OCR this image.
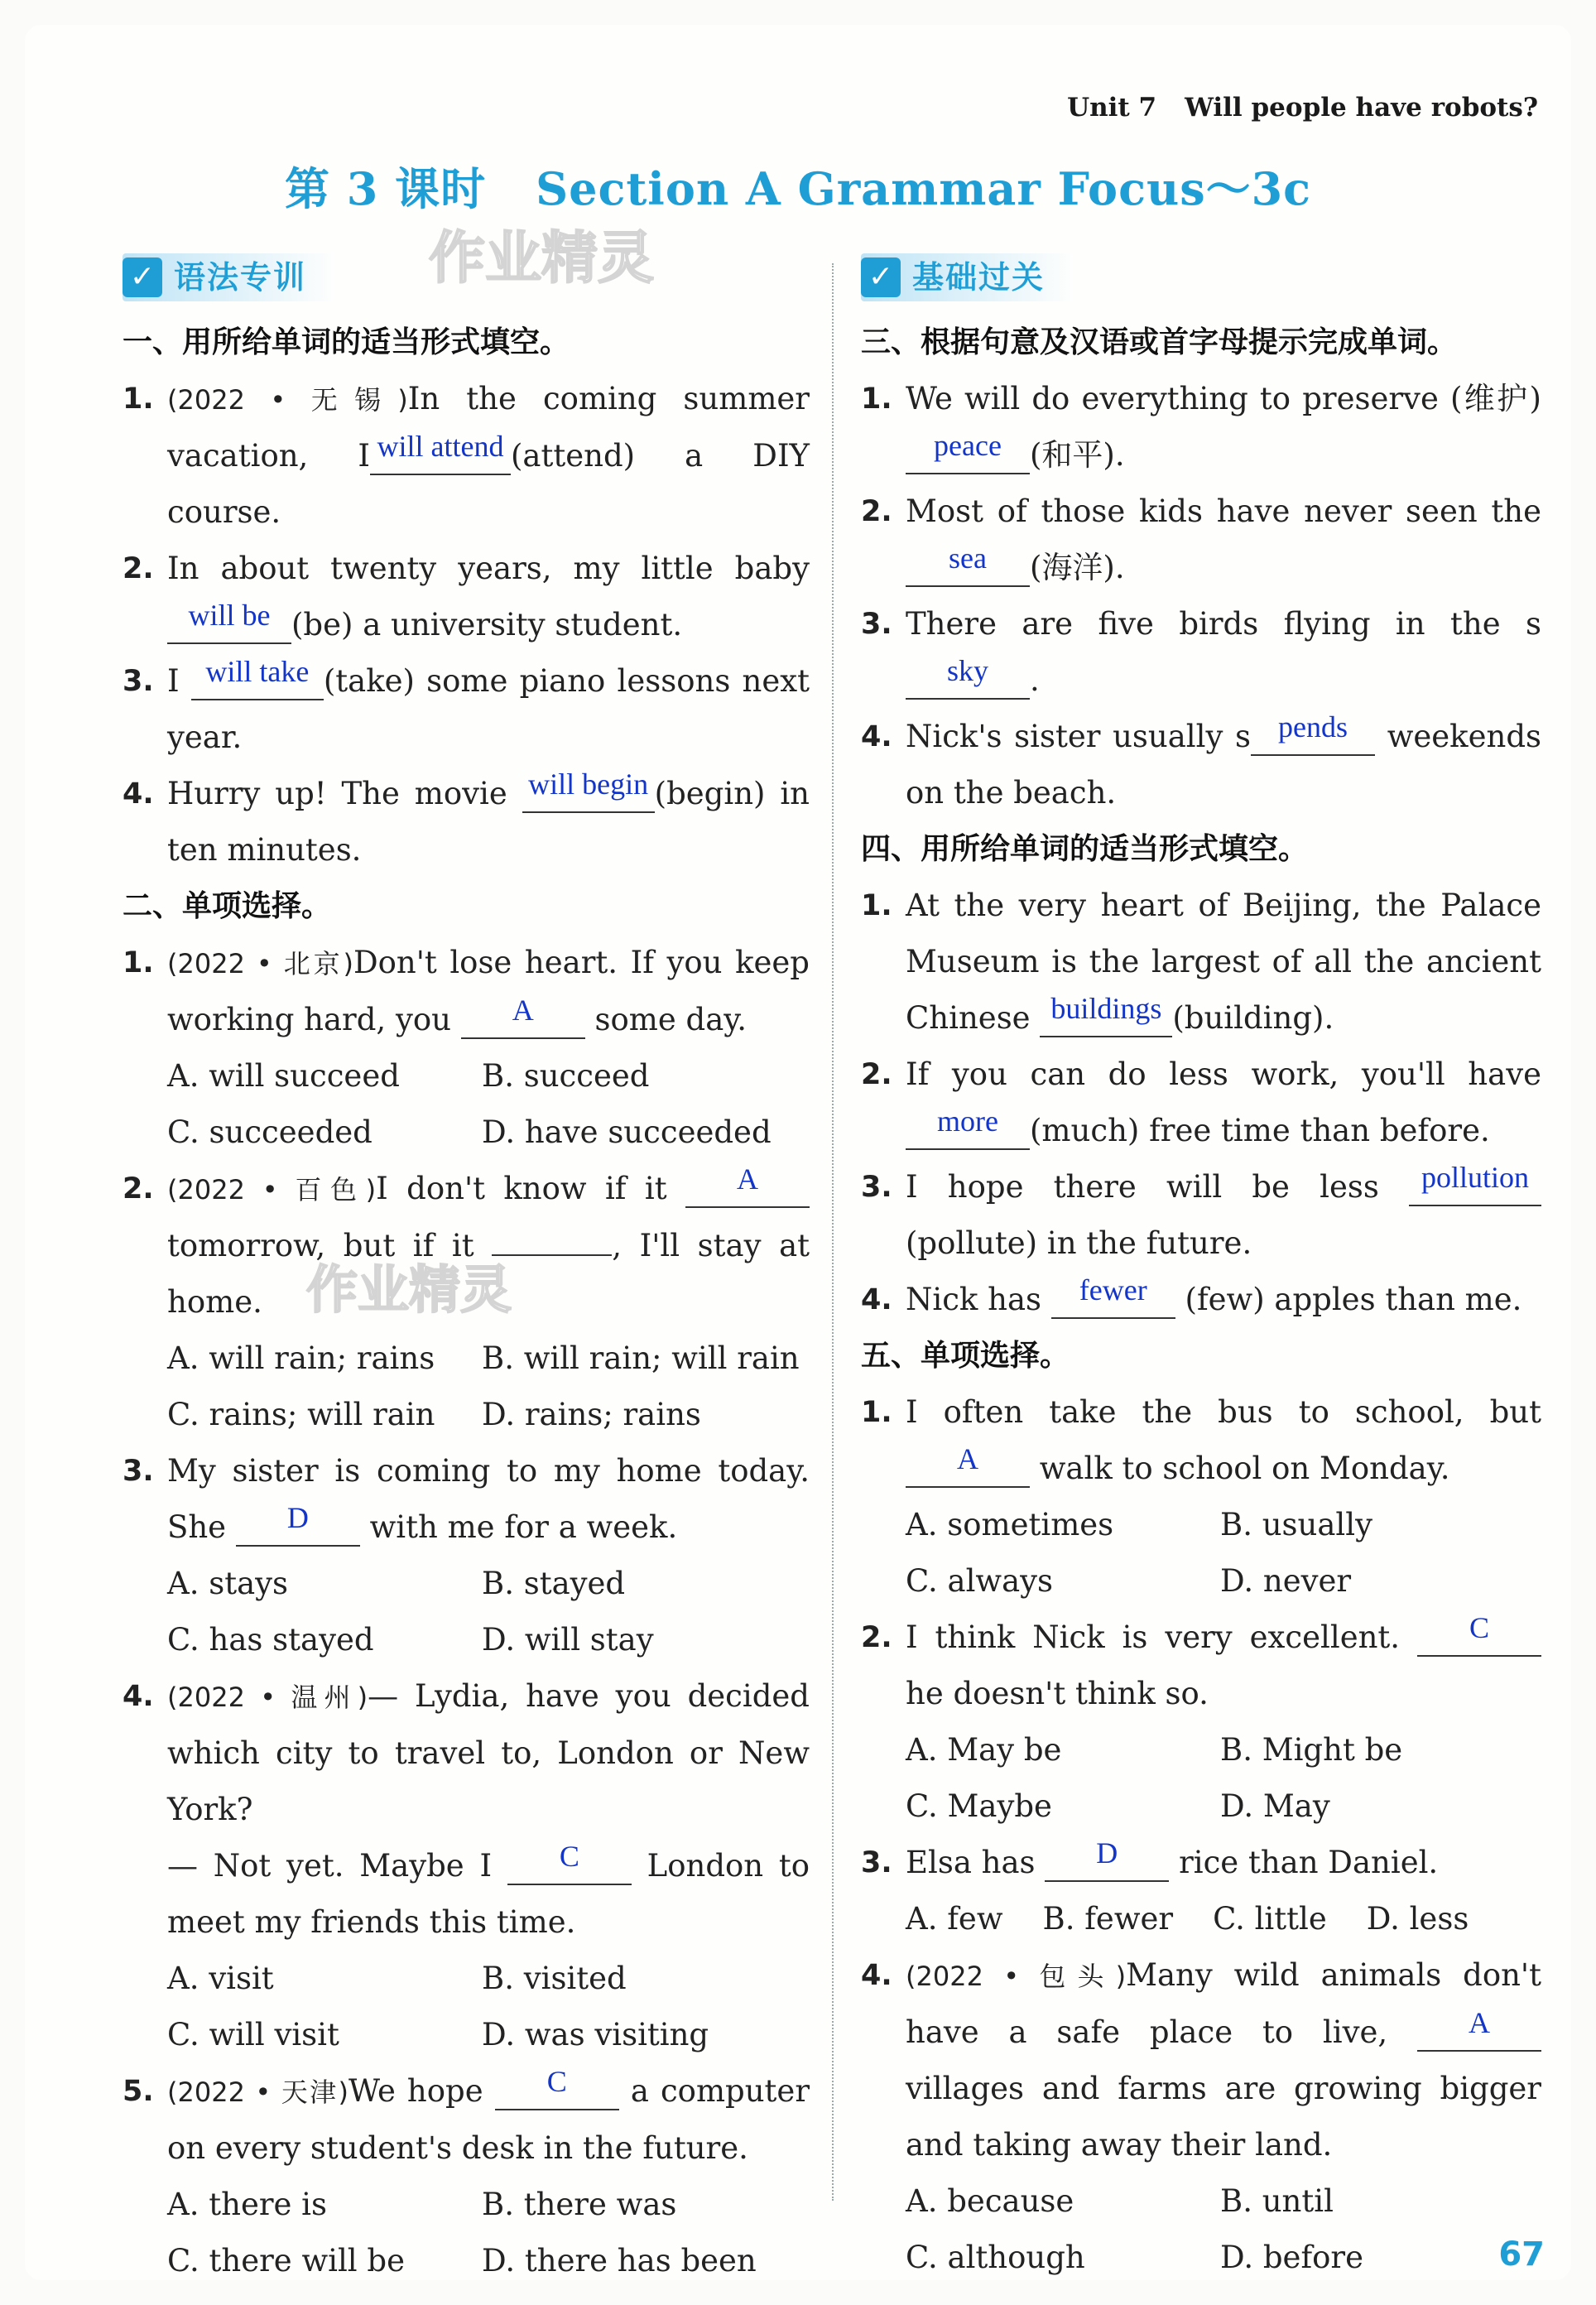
Unit 7 Will people have robots?
第 3 课时 Section A Grammar Focus～3c
作业精灵
作业精灵
✓ 语法专训
一、用所给单词的适当形式填空。
1. (2022 • 无锡)In the coming summer vacation, I will attend (attend) a DIY course.
2. In about twenty years, my little baby will be (be) a university student.
3. I will take (take) some piano lessons next year.
4. Hurry up! The movie will begin (begin) in ten minutes.
二、单项选择。
1. (2022 • 北京)Don't lose heart. If you keep working hard, you A some day.
A. will succeed	B. succeed
C. succeeded	D. have succeeded
2. (2022 • 百色)I don't know if it A tomorrow, but if it	, I'll stay at home.
A. will rain; rains	B. will rain; will rain
C. rains; will rain	D. rains; rains
3. My sister is coming to my home today. She D with me for a week.
A. stays	B. stayed
C. has stayed	D. will stay
4. (2022 • 温州)— Lydia, have you decided which city to travel to, London or New York?
— Not yet. Maybe I C London to meet my friends this time.
A. visit	B. visited
C. will visit	D. was visiting
5. (2022 • 天津)We hope C a computer on every student's desk in the future.
A. there is	B. there was
C. there will be	D. there has been
✓ 基础过关
三、根据句意及汉语或首字母提示完成单词。
1. We will do everything to preserve (维护) peace (和平).
2. Most of those kids have never seen the sea (海洋).
3. There are five birds flying in the ssky .
4. Nick's sister usually s pends weekends on the beach.
四、用所给单词的适当形式填空。
1. At the very heart of Beijing, the Palace Museum is the largest of all the ancient Chinese buildings (building).
2. If you can do less work, you'll have more (much) free time than before.
3. I hope there will be less pollution(pollute) in the future.
4. Nick has fewer (few) apples than me.
五、单项选择。
1. I often take the bus to school, but A walk to school on Monday.
A. sometimes	B. usually
C. always	D. never
2. I think Nick is very excellent. C he doesn't think so.
A. May be	B. Might be
C. Maybe	D. May
3. Elsa has D rice than Daniel.
A. few B. fewer C. little D. less
4. (2022 • 包头)Many wild animals don't have a safe place to live,	A villages and farms are growing bigger and taking away their land.
A. because	B. until
C. although	D. before	67
